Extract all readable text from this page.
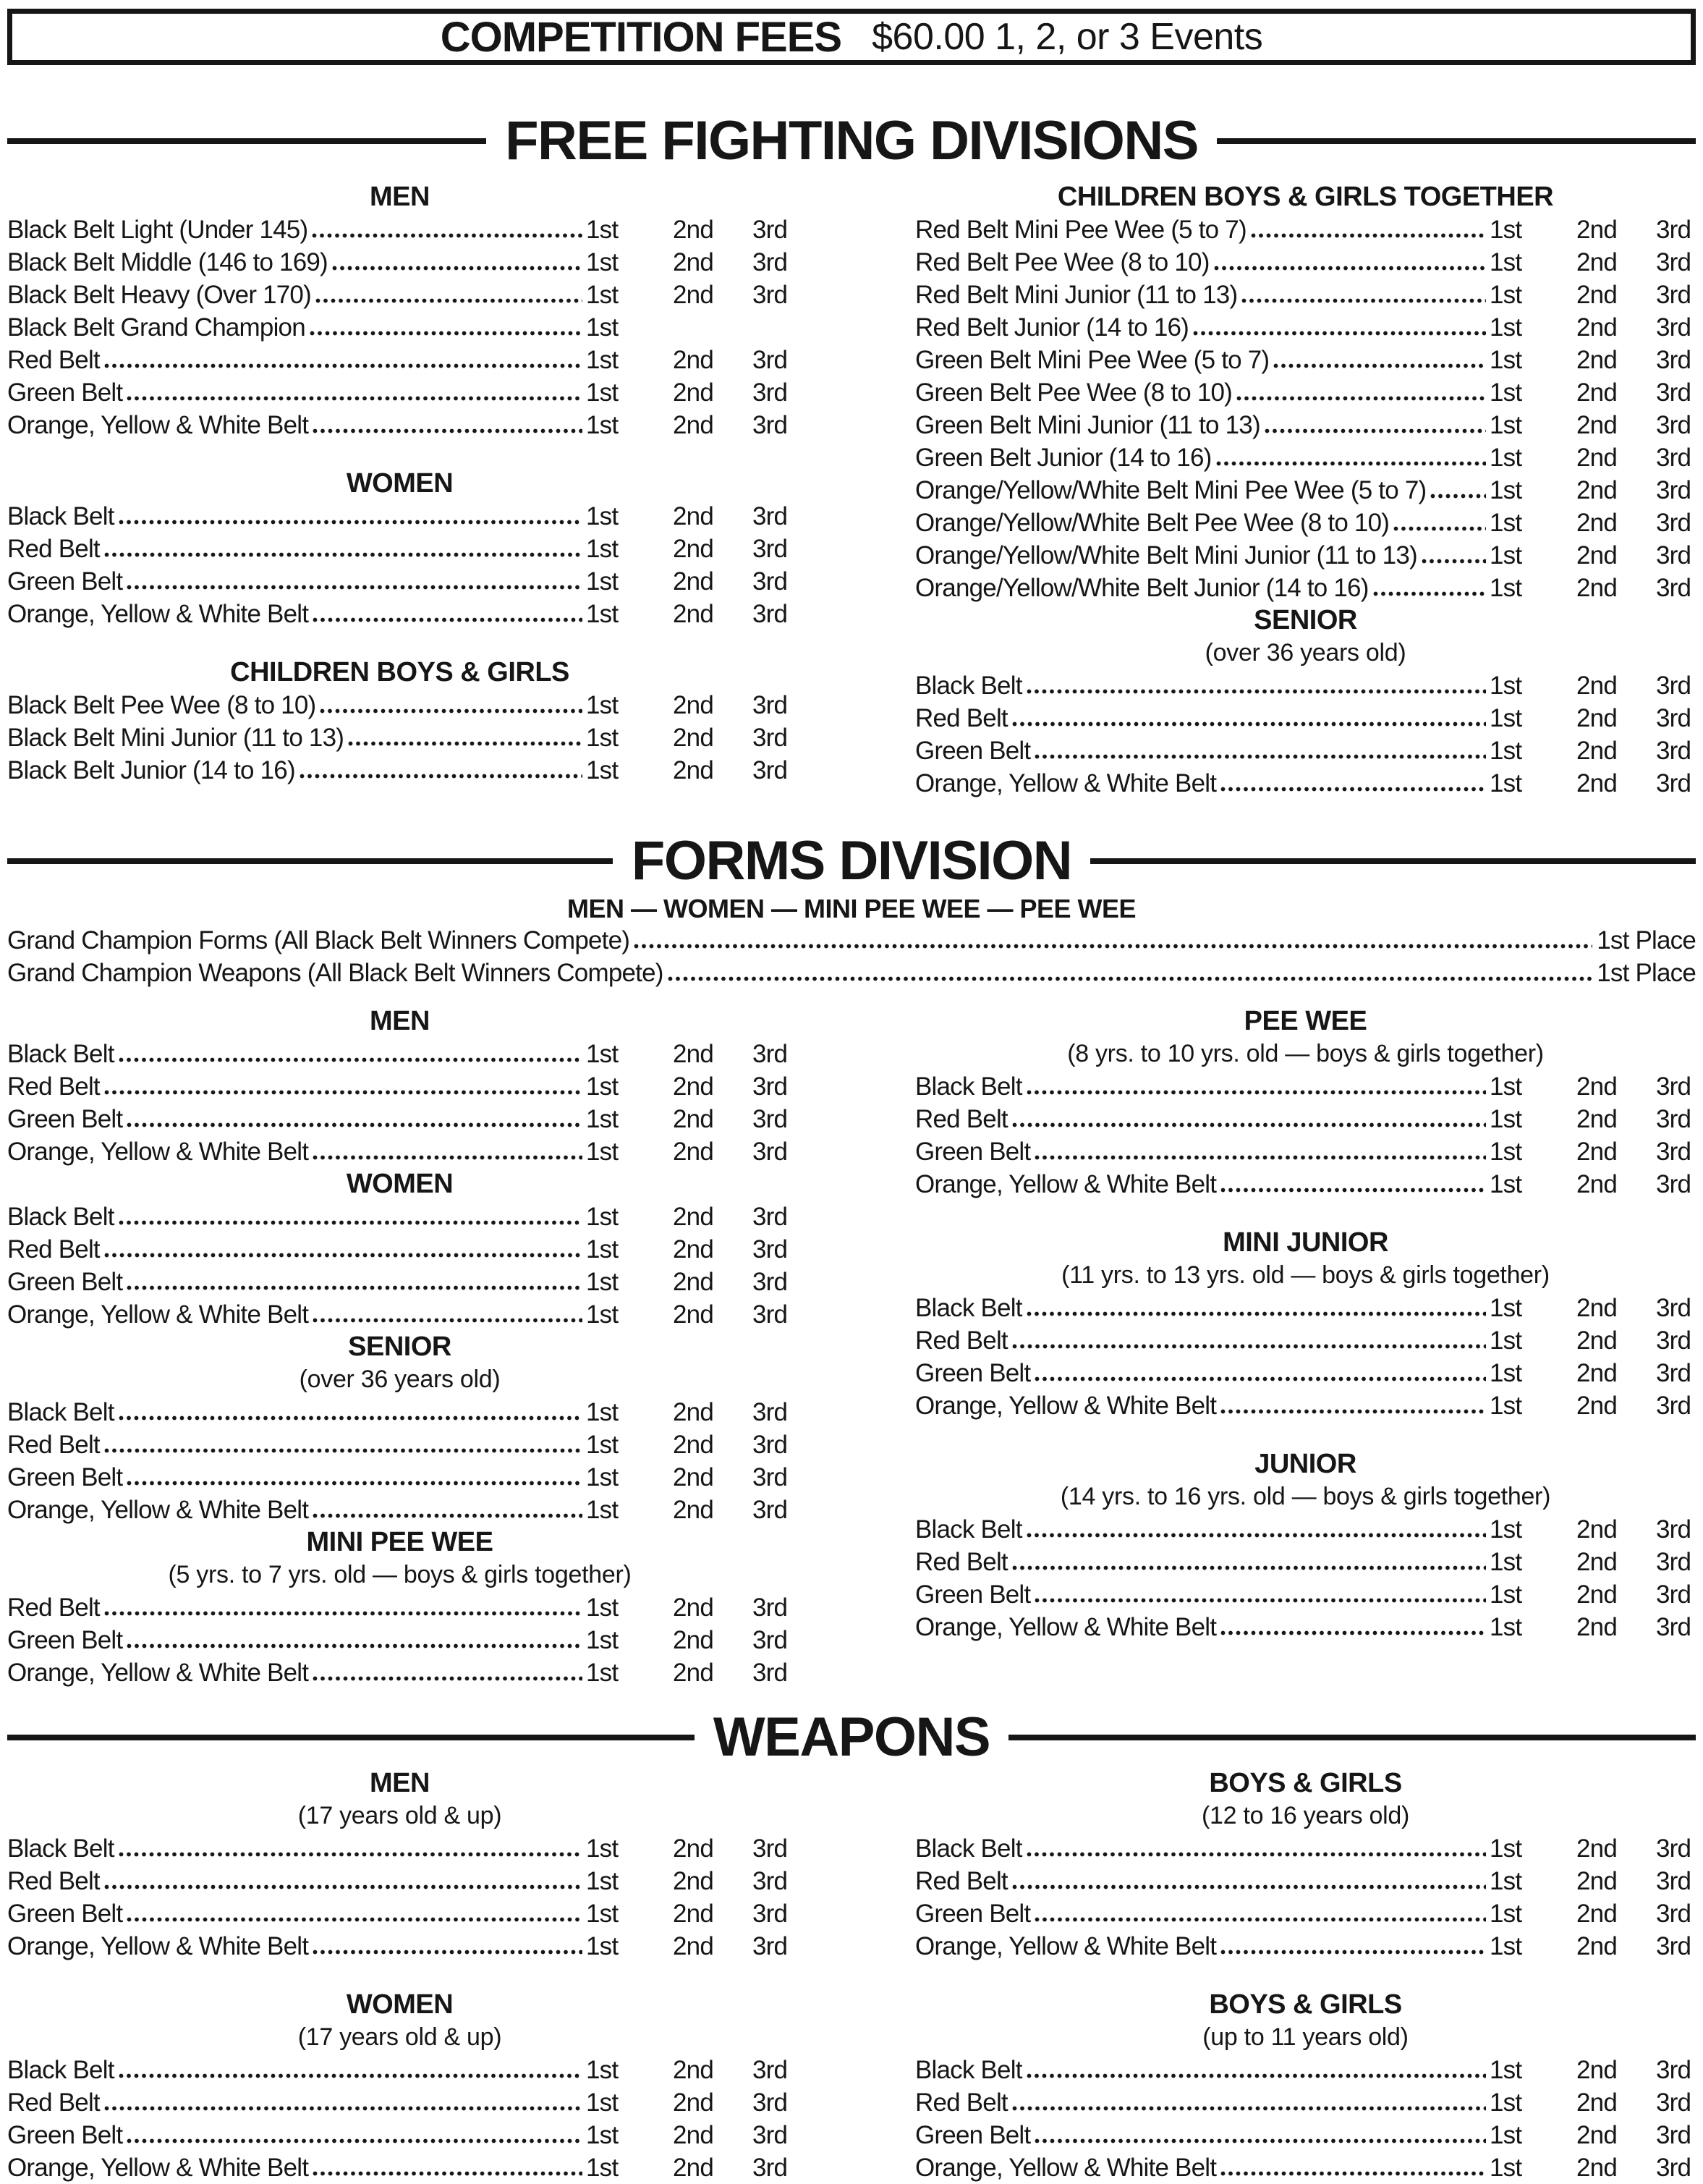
COMPETITION FEES $60.00 1, 2, or 3 Events
FREE FIGHTING DIVISIONS
MEN
Black Belt Light (Under 145)	1st	2nd	3rd
Black Belt Middle (146 to 169)	1st	2nd	3rd
Black Belt Heavy (Over 170)	1st	2nd	3rd
Black Belt Grand Champion	1st
Red Belt	1st	2nd	3rd
Green Belt	1st	2nd	3rd
Orange, Yellow & White Belt	1st	2nd	3rd
WOMEN
Black Belt	1st	2nd	3rd
Red Belt	1st	2nd	3rd
Green Belt	1st	2nd	3rd
Orange, Yellow & White Belt	1st	2nd	3rd
CHILDREN BOYS & GIRLS
Black Belt Pee Wee (8 to 10)	1st	2nd	3rd
Black Belt Mini Junior (11 to 13)	1st	2nd	3rd
Black Belt Junior (14 to 16)	1st	2nd	3rd
CHILDREN BOYS & GIRLS TOGETHER
Red Belt Mini Pee Wee (5 to 7)	1st	2nd	3rd
Red Belt Pee Wee (8 to 10)	1st	2nd	3rd
Red Belt Mini Junior (11 to 13)	1st	2nd	3rd
Red Belt Junior (14 to 16)	1st	2nd	3rd
Green Belt Mini Pee Wee (5 to 7)	1st	2nd	3rd
Green Belt Pee Wee (8 to 10)	1st	2nd	3rd
Green Belt Mini Junior (11 to 13)	1st	2nd	3rd
Green Belt Junior (14 to 16)	1st	2nd	3rd
Orange/Yellow/White Belt Mini Pee Wee (5 to 7)	1st	2nd	3rd
Orange/Yellow/White Belt Pee Wee (8 to 10)	1st	2nd	3rd
Orange/Yellow/White Belt Mini Junior (11 to 13)	1st	2nd	3rd
Orange/Yellow/White Belt Junior (14 to 16)	1st	2nd	3rd
SENIOR
(over 36 years old)
Black Belt	1st	2nd	3rd
Red Belt	1st	2nd	3rd
Green Belt	1st	2nd	3rd
Orange, Yellow & White Belt	1st	2nd	3rd
FORMS DIVISION
MEN — WOMEN — MINI PEE WEE — PEE WEE
Grand Champion Forms (All Black Belt Winners Compete)	1st Place
Grand Champion Weapons (All Black Belt Winners Compete)	1st Place
MEN
Black Belt	1st	2nd	3rd
Red Belt	1st	2nd	3rd
Green Belt	1st	2nd	3rd
Orange, Yellow & White Belt	1st	2nd	3rd
WOMEN
Black Belt	1st	2nd	3rd
Red Belt	1st	2nd	3rd
Green Belt	1st	2nd	3rd
Orange, Yellow & White Belt	1st	2nd	3rd
SENIOR
(over 36 years old)
Black Belt	1st	2nd	3rd
Red Belt	1st	2nd	3rd
Green Belt	1st	2nd	3rd
Orange, Yellow & White Belt	1st	2nd	3rd
MINI PEE WEE
(5 yrs. to 7 yrs. old — boys & girls together)
Red Belt	1st	2nd	3rd
Green Belt	1st	2nd	3rd
Orange, Yellow & White Belt	1st	2nd	3rd
PEE WEE
(8 yrs. to 10 yrs. old — boys & girls together)
Black Belt	1st	2nd	3rd
Red Belt	1st	2nd	3rd
Green Belt	1st	2nd	3rd
Orange, Yellow & White Belt	1st	2nd	3rd
MINI JUNIOR
(11 yrs. to 13 yrs. old — boys & girls together)
Black Belt	1st	2nd	3rd
Red Belt	1st	2nd	3rd
Green Belt	1st	2nd	3rd
Orange, Yellow & White Belt	1st	2nd	3rd
JUNIOR
(14 yrs. to 16 yrs. old — boys & girls together)
Black Belt	1st	2nd	3rd
Red Belt	1st	2nd	3rd
Green Belt	1st	2nd	3rd
Orange, Yellow & White Belt	1st	2nd	3rd
WEAPONS
MEN
(17 years old & up)
Black Belt	1st	2nd	3rd
Red Belt	1st	2nd	3rd
Green Belt	1st	2nd	3rd
Orange, Yellow & White Belt	1st	2nd	3rd
WOMEN
(17 years old & up)
Black Belt	1st	2nd	3rd
Red Belt	1st	2nd	3rd
Green Belt	1st	2nd	3rd
Orange, Yellow & White Belt	1st	2nd	3rd
BOYS & GIRLS
(12 to 16 years old)
Black Belt	1st	2nd	3rd
Red Belt	1st	2nd	3rd
Green Belt	1st	2nd	3rd
Orange, Yellow & White Belt	1st	2nd	3rd
BOYS & GIRLS
(up to 11 years old)
Black Belt	1st	2nd	3rd
Red Belt	1st	2nd	3rd
Green Belt	1st	2nd	3rd
Orange, Yellow & White Belt	1st	2nd	3rd
